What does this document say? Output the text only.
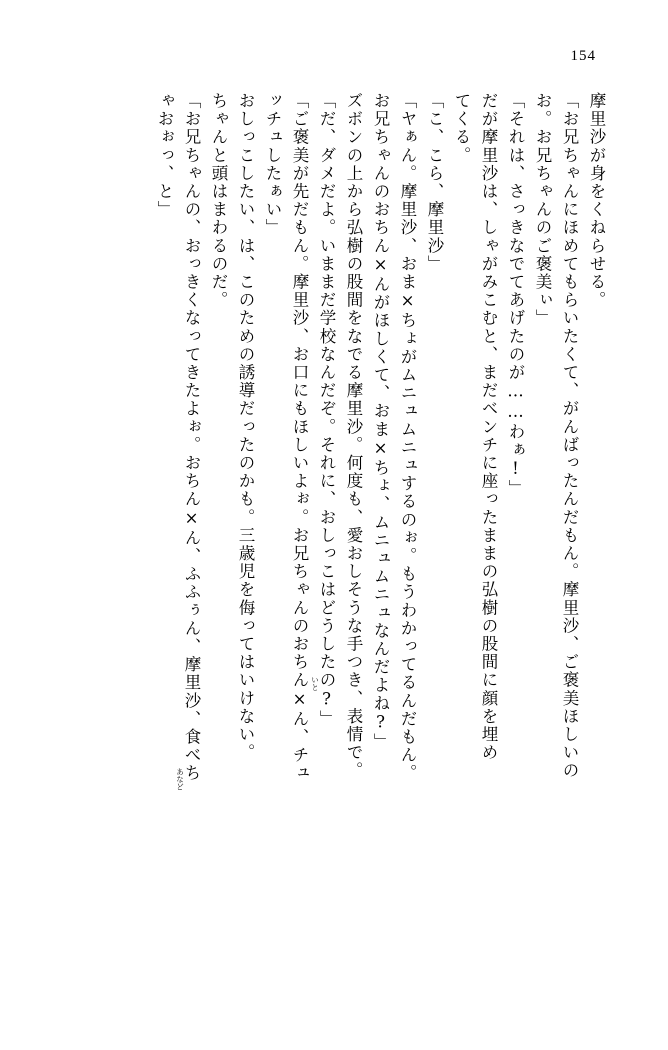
154
摩里沙が身をくねらせる。
「お兄ちゃんにほめてもらいたくて、がんばったんだもん。摩里沙、ご褒美ほしいの
お。お兄ちゃんのご褒美ぃ」
「それは、さっきなでてあげたのが……わぁ!」
だが摩里沙は、しゃがみこむと、まだベンチに座ったままの弘樹の股間に顔を埋め
てくる。
「こ、こら、摩里沙」
「ヤぁん。摩里沙、おま×ちょがムニュムニュするのぉ。もうわかってるんだもん。
お兄ちゃんのおちん×んがほしくて、おま×ちょ、ムニュムニュなんだよね?」
ズボンの上から弘樹の股間をなでる摩里沙。何度も、愛おしそうな手つき、表情で。
「だ、ダメだよ。いままだ学校なんだぞ。それに、おしっこはどうしたの?」
「ご褒美が先だもん。摩里沙、お口にもほしいよぉ。お兄ちゃんのおちん×ん、チュ
ッチュしたぁい」
おしっこしたい、は、このための誘導だったのかも。三歳児を侮ってはいけない。
ちゃんと頭はまわるのだ。
「お兄ちゃんの、おっきくなってきたよぉ。おちん×ん、ふふぅん、摩里沙、食べち
ゃおぉっ、と」
いと
あなど
